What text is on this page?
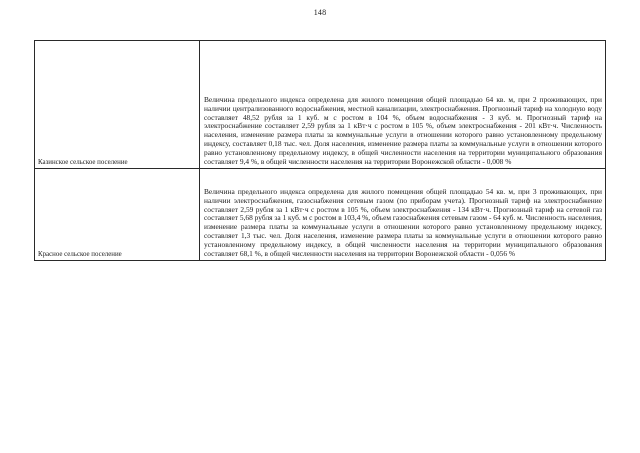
148
Казинское сельское поселение	Величина предельного индекса определена для жилого помещения общей площадью 64 кв. м, при 2 проживающих, при наличии централизованного водоснабжения, местной канализации, электроснабжения. Прогнозный тариф на холодную воду составляет 48,52 рубля за 1 куб. м с ростом в 104 %, объем водоснабжения - 3 куб. м. Прогнозный тариф на электроснабжение составляет 2,59 рубля за 1 кВт·ч с ростом в 105 %, объем электроснабжения - 201 кВт·ч. Численность населения, изменение размера платы за коммунальные услуги в отношении которого равно установленному предельному индексу, составляет 0,18 тыс. чел. Доля населения, изменение размера платы за коммунальные услуги в отношении которого равно установленному предельному индексу, в общей численности населения на территории муниципального образования составляет 9,4 %, в общей численности населения на территории Воронежской области - 0,008 %

Красное сельское поселение	Величина предельного индекса определена для жилого помещения общей площадью 54 кв. м, при 3 проживающих, при наличии электроснабжения, газоснабжения сетевым газом (по приборам учета). Прогнозный тариф на электроснабжение составляет 2,59 рубля за 1 кВт·ч с ростом в 105 %, объем электроснабжения - 134 кВт·ч. Прогнозный тариф на сетевой газ составляет 5,68 рубля за 1 куб. м с ростом в 103,4 %, объем газоснабжения сетевым газом - 64 куб. м. Численность населения, изменение размера платы за коммунальные услуги в отношении которого равно установленному предельному индексу, составляет 1,3 тыс. чел. Доля населения, изменение размера платы за коммунальные услуги в отношении которого равно установленному предельному индексу, в общей численности населения на территории муниципального образования составляет 68,1 %, в общей численности населения на территории Воронежской области - 0,056 %
